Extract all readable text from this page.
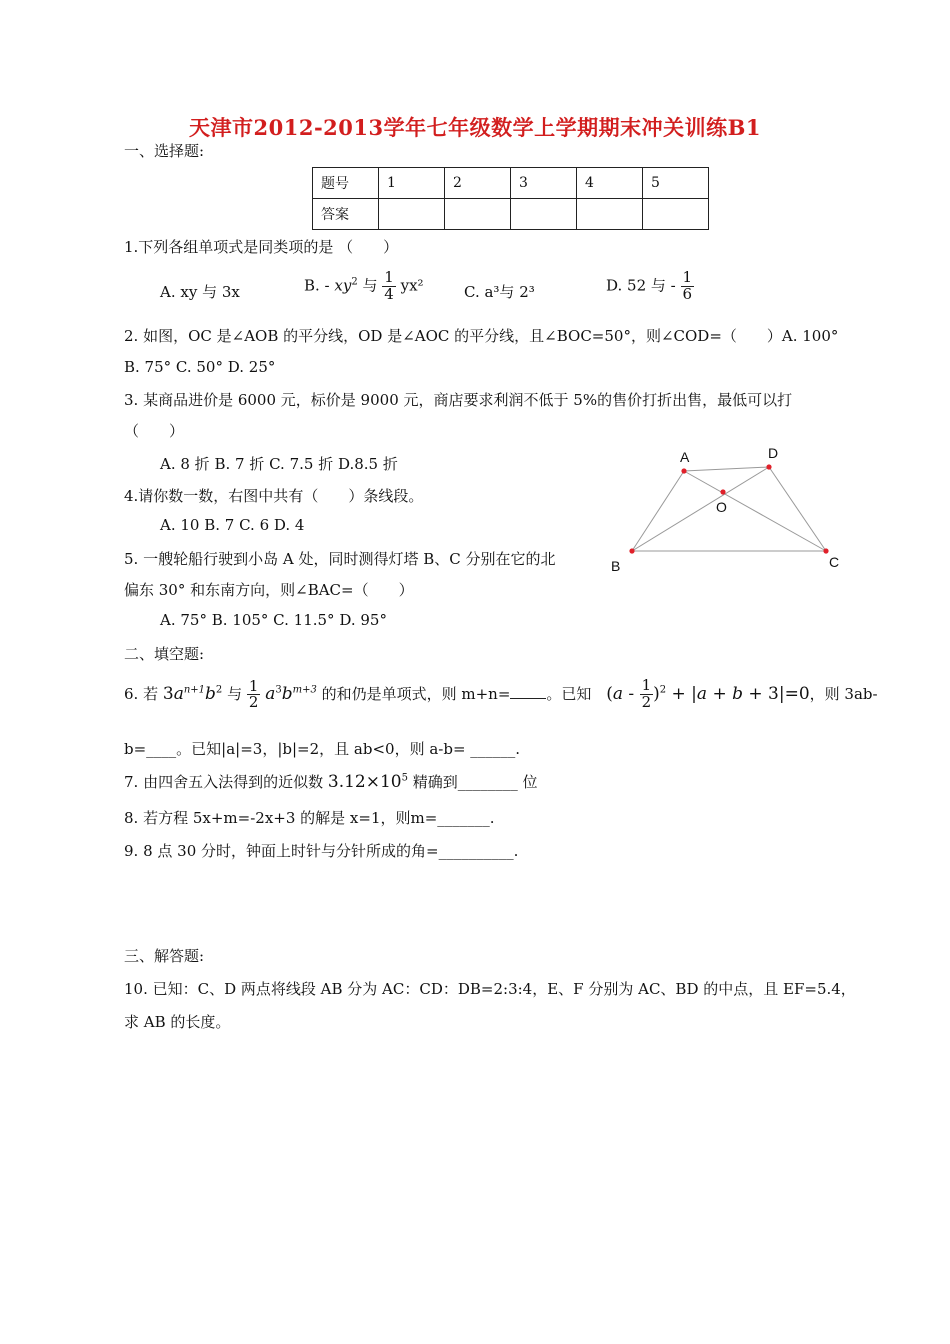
天津市2012-2013学年七年级数学上学期期末冲关训练B1
一、选择题:
题号	1	2	3	4	5
答案					
1.下列各组单项式是同类项的是 （　　）
A. xy 与 3x	B. - $xy^2$ 与 $\frac{1}{4} yx^2$	C. a³与 2³	D. 52 与 - $\frac{1}{6}$
2. 如图，OC 是∠AOB 的平分线，OD 是∠AOC 的平分线，且∠BOC=50°，则∠COD=（　　）A. 100°
B. 75° C. 50° D. 25°
3. 某商品进价是 6000 元，标价是 9000 元，商店要求利润不低于 5%的售价打折出售，最低可以打
（　　）
A. 8 折 B. 7 折 C. 7.5 折 D.8.5 折
4.请你数一数，右图中共有（　　）条线段。
A. 10 B. 7 C. 6 D. 4
5. 一艘轮船行驶到小岛 A 处，同时测得灯塔 B、C 分别在它的北
偏东 30° 和东南方向，则∠BAC=（　　）
A. 75° B. 105° C. 11.5° D. 95°
A	D
O
B	C
二、填空题:
6. 若 $3a^{n+1}b^2$ 与 $\frac{1}{2} a^3b^{m+3}$ 的和仍是单项式，则 m+n= 。已知 $(a - \frac{1}{2} )^2 + |a + b + 3|=0$，则 3ab-
b=____。已知|a|=3，|b|=2，且 ab<0，则 a-b= ______.
7. 由四舍五入法得到的近似数 $3.12\times 10^5$ 精确到________ 位
8. 若方程 5x+m=-2x+3 的解是 x=1，则m=_______.
9. 8 点 30 分时，钟面上时针与分针所成的角=__________.
三、解答题:
10. 已知：C、D 两点将线段 AB 分为 AC：CD：DB=2:3:4，E、F 分别为 AC、BD 的中点，且 EF=5.4，
求 AB 的长度。
